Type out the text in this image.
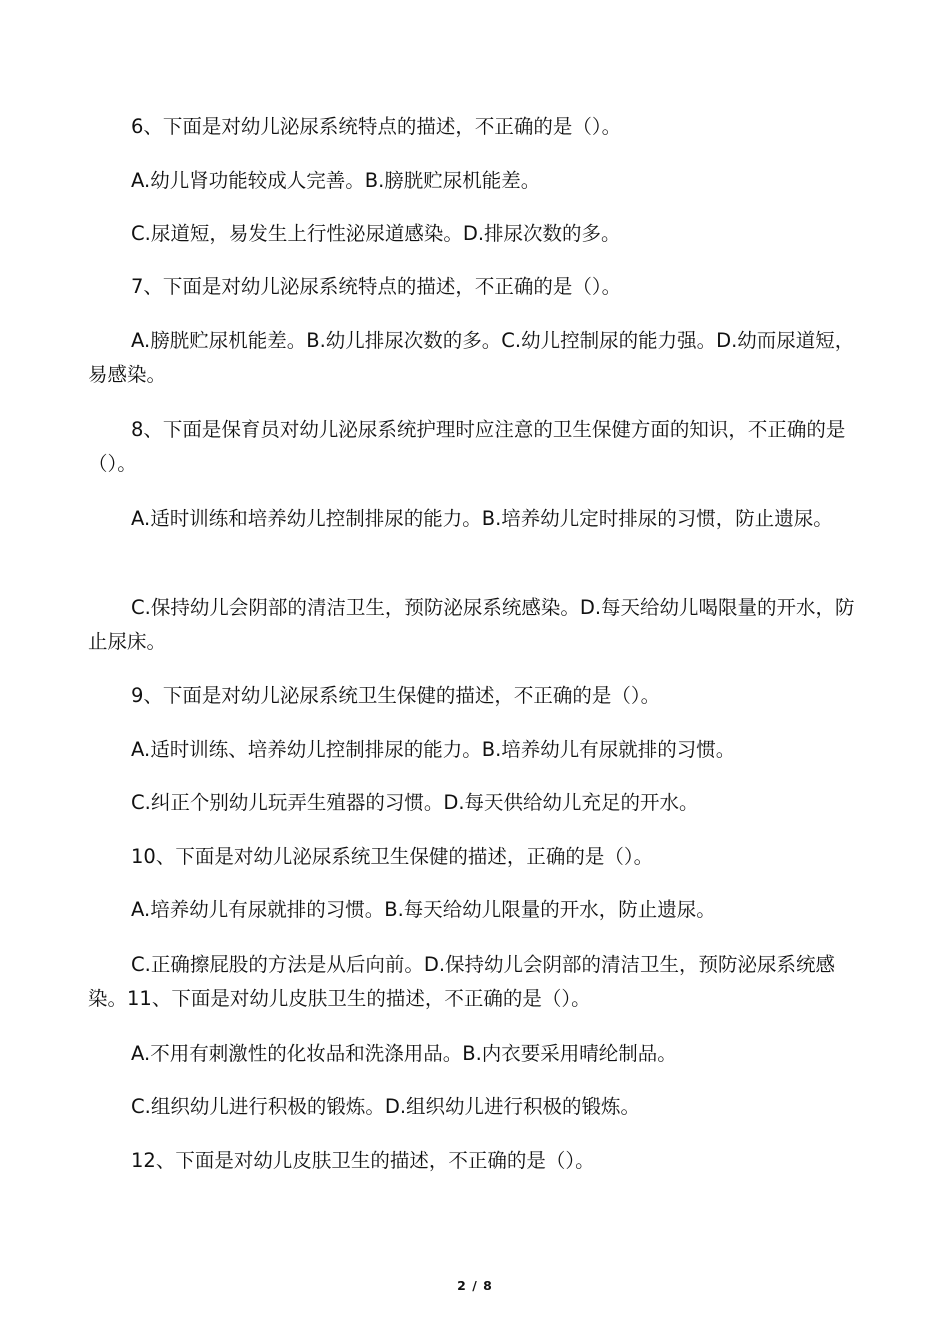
6、下面是对幼儿泌尿系统特点的描述，不正确的是（）。

A.幼儿肾功能较成人完善。B.膀胱贮尿机能差。

C.尿道短，易发生上行性泌尿道感染。D.排尿次数的多。

7、下面是对幼儿泌尿系统特点的描述，不正确的是（）。

A.膀胱贮尿机能差。B.幼儿排尿次数的多。C.幼儿控制尿的能力强。D.幼而尿道短，易感染。

8、下面是保育员对幼儿泌尿系统护理时应注意的卫生保健方面的知识，不正确的是（）。

A.适时训练和培养幼儿控制排尿的能力。B.培养幼儿定时排尿的习惯，防止遗尿。

C.保持幼儿会阴部的清洁卫生，预防泌尿系统感染。D.每天给幼儿喝限量的开水，防止尿床。

9、下面是对幼儿泌尿系统卫生保健的描述，不正确的是（）。

A.适时训练、培养幼儿控制排尿的能力。B.培养幼儿有尿就排的习惯。

C.纠正个别幼儿玩弄生殖器的习惯。D.每天供给幼儿充足的开水。

10、下面是对幼儿泌尿系统卫生保健的描述，正确的是（）。

A.培养幼儿有尿就排的习惯。B.每天给幼儿限量的开水，防止遗尿。

C.正确擦屁股的方法是从后向前。D.保持幼儿会阴部的清洁卫生，预防泌尿系统感染。11、下面是对幼儿皮肤卫生的描述，不正确的是（）。

A.不用有刺激性的化妆品和洗涤用品。B.内衣要采用晴纶制品。

C.组织幼儿进行积极的锻炼。D.组织幼儿进行积极的锻炼。

12、下面是对幼儿皮肤卫生的描述，不正确的是（）。

2 / 8
